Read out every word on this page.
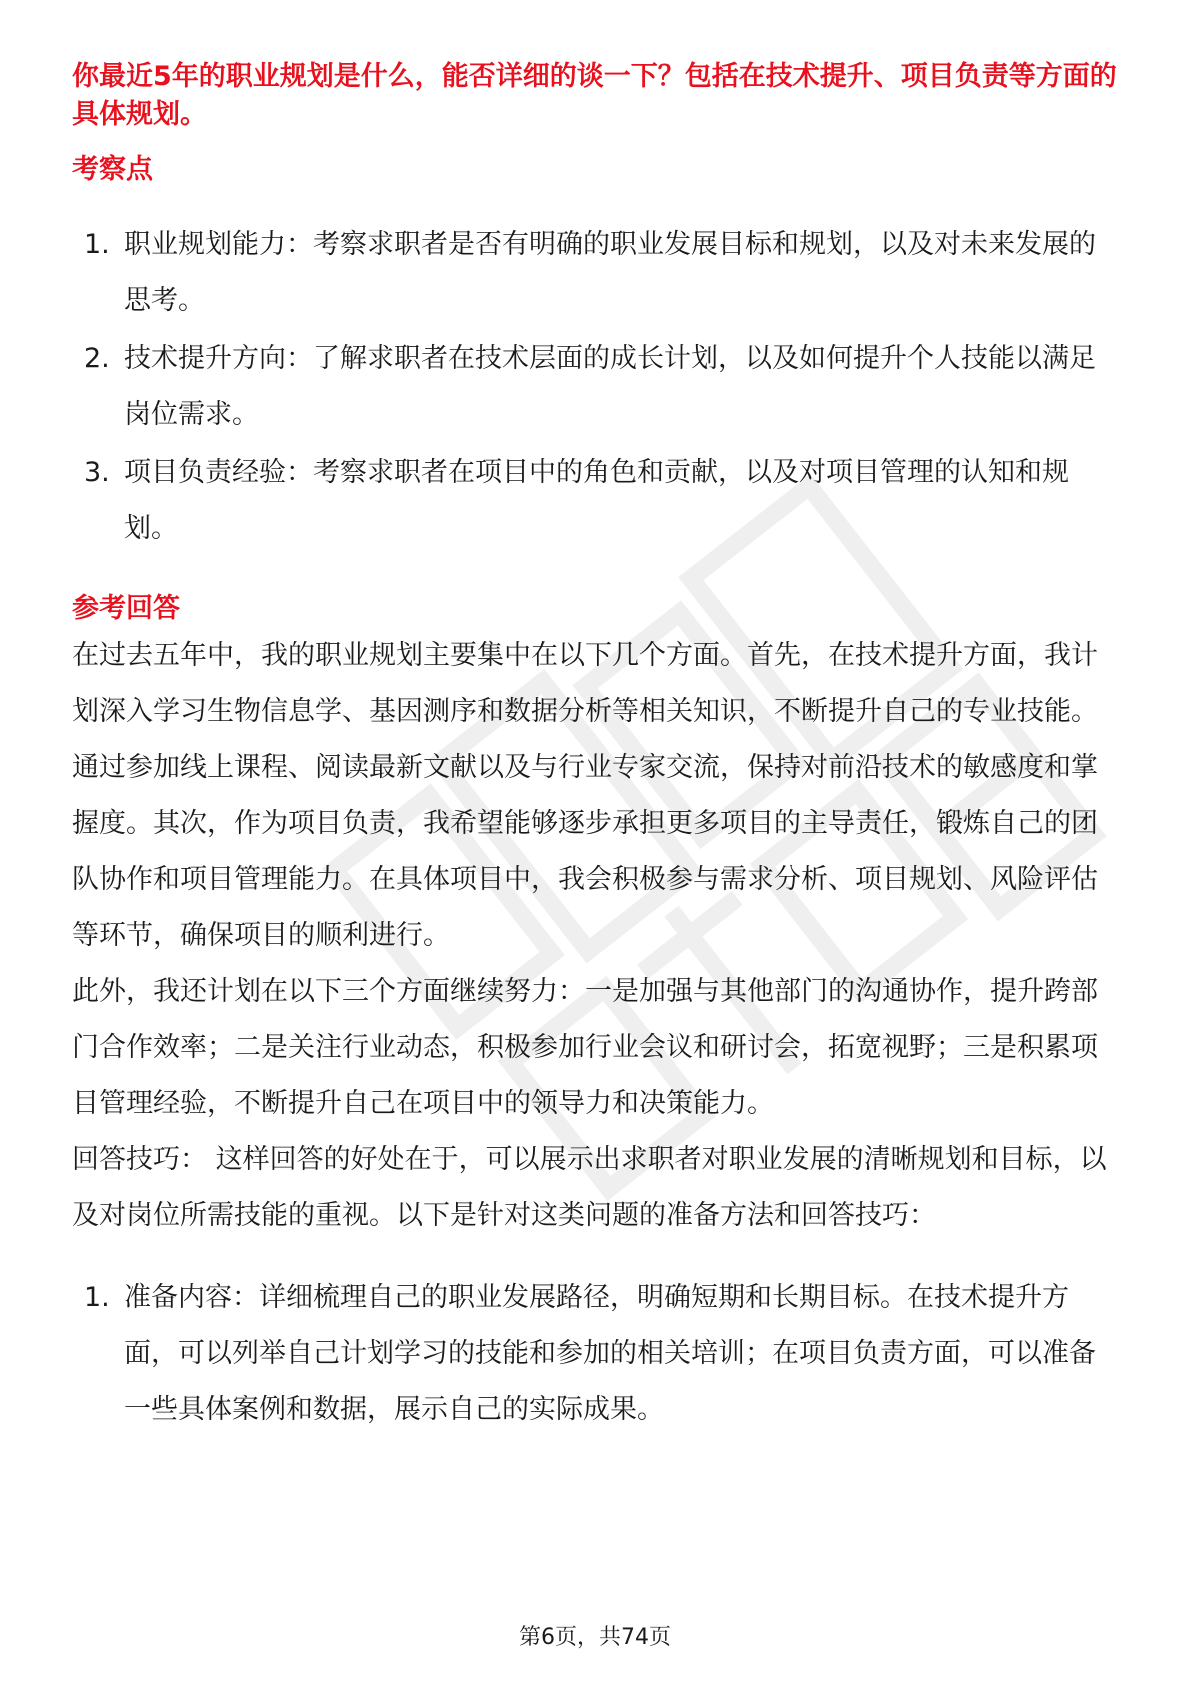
你最近5年的职业规划是什么，能否详细的谈一下？包括在技术提升、项目负责等方面的具体规划。

考察点

1. 职业规划能力：考察求职者是否有明确的职业发展目标和规划，以及对未来发展的思考。
2. 技术提升方向：了解求职者在技术层面的成长计划，以及如何提升个人技能以满足岗位需求。
3. 项目负责经验：考察求职者在项目中的角色和贡献，以及对项目管理的认知和规划。

参考回答

在过去五年中，我的职业规划主要集中在以下几个方面。首先，在技术提升方面，我计划深入学习生物信息学、基因测序和数据分析等相关知识，不断提升自己的专业技能。通过参加线上课程、阅读最新文献以及与行业专家交流，保持对前沿技术的敏感度和掌握度。其次，作为项目负责，我希望能够逐步承担更多项目的主导责任，锻炼自己的团队协作和项目管理能力。在具体项目中，我会积极参与需求分析、项目规划、风险评估等环节，确保项目的顺利进行。

此外，我还计划在以下三个方面继续努力：一是加强与其他部门的沟通协作，提升跨部门合作效率；二是关注行业动态，积极参加行业会议和研讨会，拓宽视野；三是积累项目管理经验，不断提升自己在项目中的领导力和决策能力。

回答技巧： 这样回答的好处在于，可以展示出求职者对职业发展的清晰规划和目标，以及对岗位所需技能的重视。以下是针对这类问题的准备方法和回答技巧：

1. 准备内容：详细梳理自己的职业发展路径，明确短期和长期目标。在技术提升方面，可以列举自己计划学习的技能和参加的相关培训；在项目负责方面，可以准备一些具体案例和数据，展示自己的实际成果。
第6页，共74页
